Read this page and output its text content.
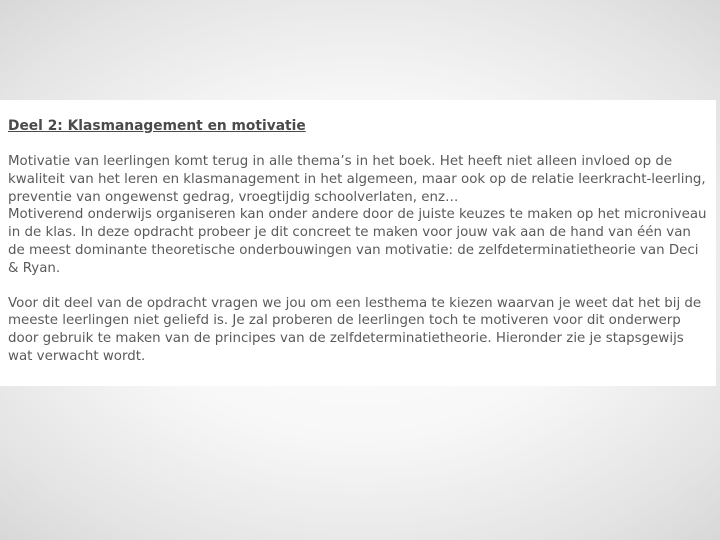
Deel 2: Klasmanagement en motivatie

Motivatie van leerlingen komt terug in alle thema’s in het boek. Het heeft niet alleen invloed op de kwaliteit van het leren en klasmanagement in het algemeen, maar ook op de relatie leerkracht-leerling, preventie van ongewenst gedrag, vroegtijdig schoolverlaten, enz…

Motiverend onderwijs organiseren kan onder andere door de juiste keuzes te maken op het microniveau in de klas. In deze opdracht probeer je dit concreet te maken voor jouw vak aan de hand van één van de meest dominante theoretische onderbouwingen van motivatie: de zelfdeterminatietheorie van Deci & Ryan.

Voor dit deel van de opdracht vragen we jou om een lesthema te kiezen waarvan je weet dat het bij de meeste leerlingen niet geliefd is. Je zal proberen de leerlingen toch te motiveren voor dit onderwerp door gebruik te maken van de principes van de zelfdeterminatietheorie. Hieronder zie je stapsgewijs wat verwacht wordt.
